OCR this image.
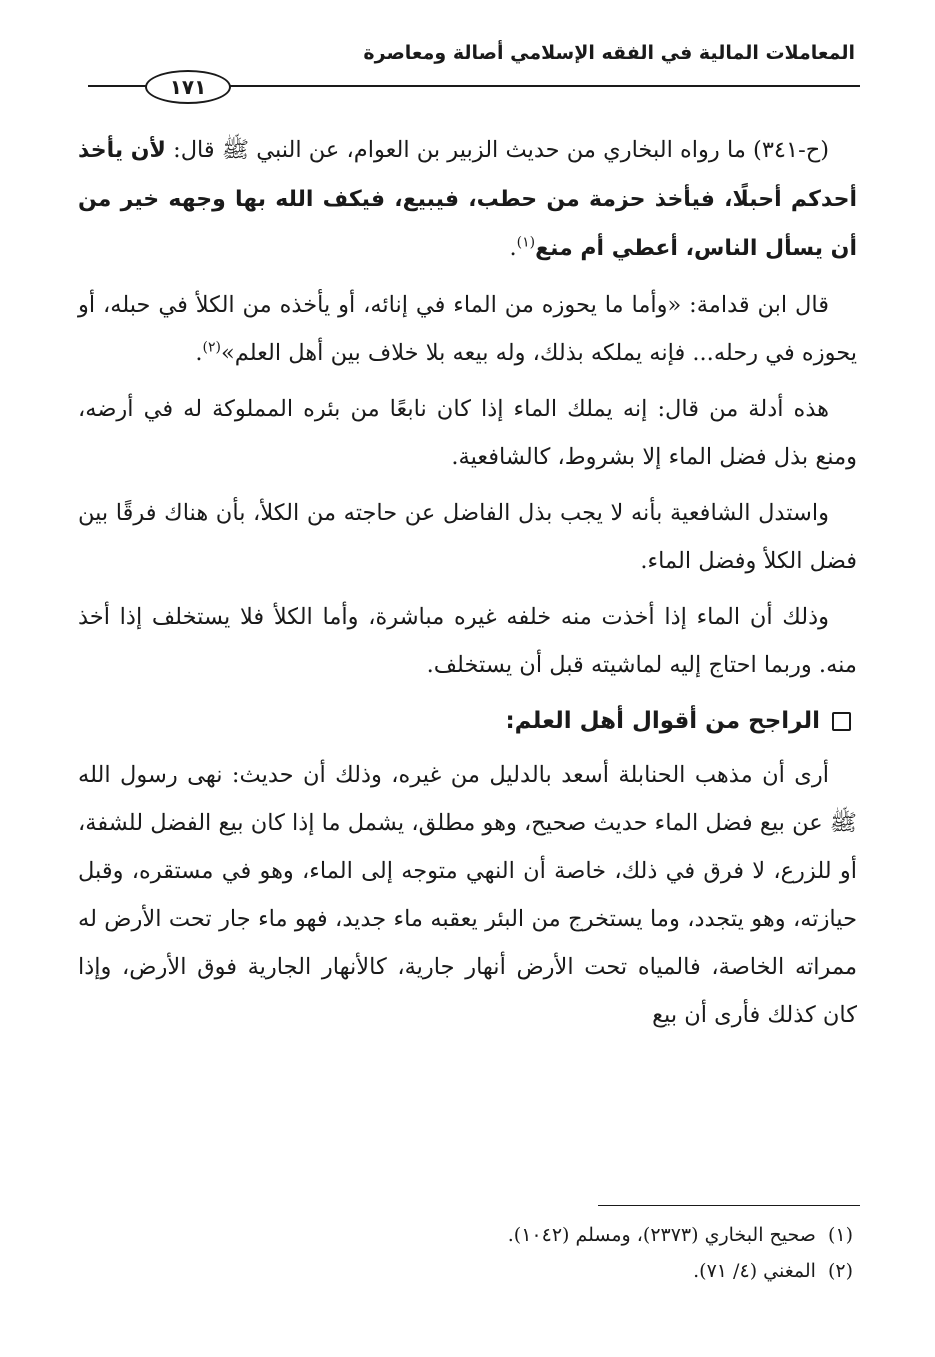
المعاملات المالية في الفقه الإسلامي أصالة ومعاصرة
١٧١

(ح-٣٤١) ما رواه البخاري من حديث الزبير بن العوام، عن النبي ﷺ قال: لأن يأخذ أحدكم أحبلًا، فيأخذ حزمة من حطب، فيبيع، فيكف الله بها وجهه خير من أن يسأل الناس، أعطي أم منع$^{(١)}$.

قال ابن قدامة: «وأما ما يحوزه من الماء في إنائه، أو يأخذه من الكلأ في حبله، أو يحوزه في رحله... فإنه يملكه بذلك، وله بيعه بلا خلاف بين أهل العلم»$^{(٢)}$.

هذه أدلة من قال: إنه يملك الماء إذا كان نابعًا من بئره المملوكة له في أرضه، ومنع بذل فضل الماء إلا بشروط، كالشافعية.

واستدل الشافعية بأنه لا يجب بذل الفاضل عن حاجته من الكلأ، بأن هناك فرقًا بين فضل الكلأ وفضل الماء.

وذلك أن الماء إذا أخذت منه خلفه غيره مباشرة، وأما الكلأ فلا يستخلف إذا أخذ منه. وربما احتاج إليه لماشيته قبل أن يستخلف.

الراجح من أقوال أهل العلم:

أرى أن مذهب الحنابلة أسعد بالدليل من غيره، وذلك أن حديث: نهى رسول الله ﷺ عن بيع فضل الماء حديث صحيح، وهو مطلق، يشمل ما إذا كان بيع الفضل للشفة، أو للزرع، لا فرق في ذلك، خاصة أن النهي متوجه إلى الماء، وهو في مستقره، وقبل حيازته، وهو يتجدد، وما يستخرج من البئر يعقبه ماء جديد، فهو ماء جار تحت الأرض له ممراته الخاصة، فالمياه تحت الأرض أنهار جارية، كالأنهار الجارية فوق الأرض، وإذا كان كذلك فأرى أن بيع

(١)صحيح البخاري (٢٣٧٣)، ومسلم (١٠٤٢).
(٢)المغني (٤/ ٧١).
